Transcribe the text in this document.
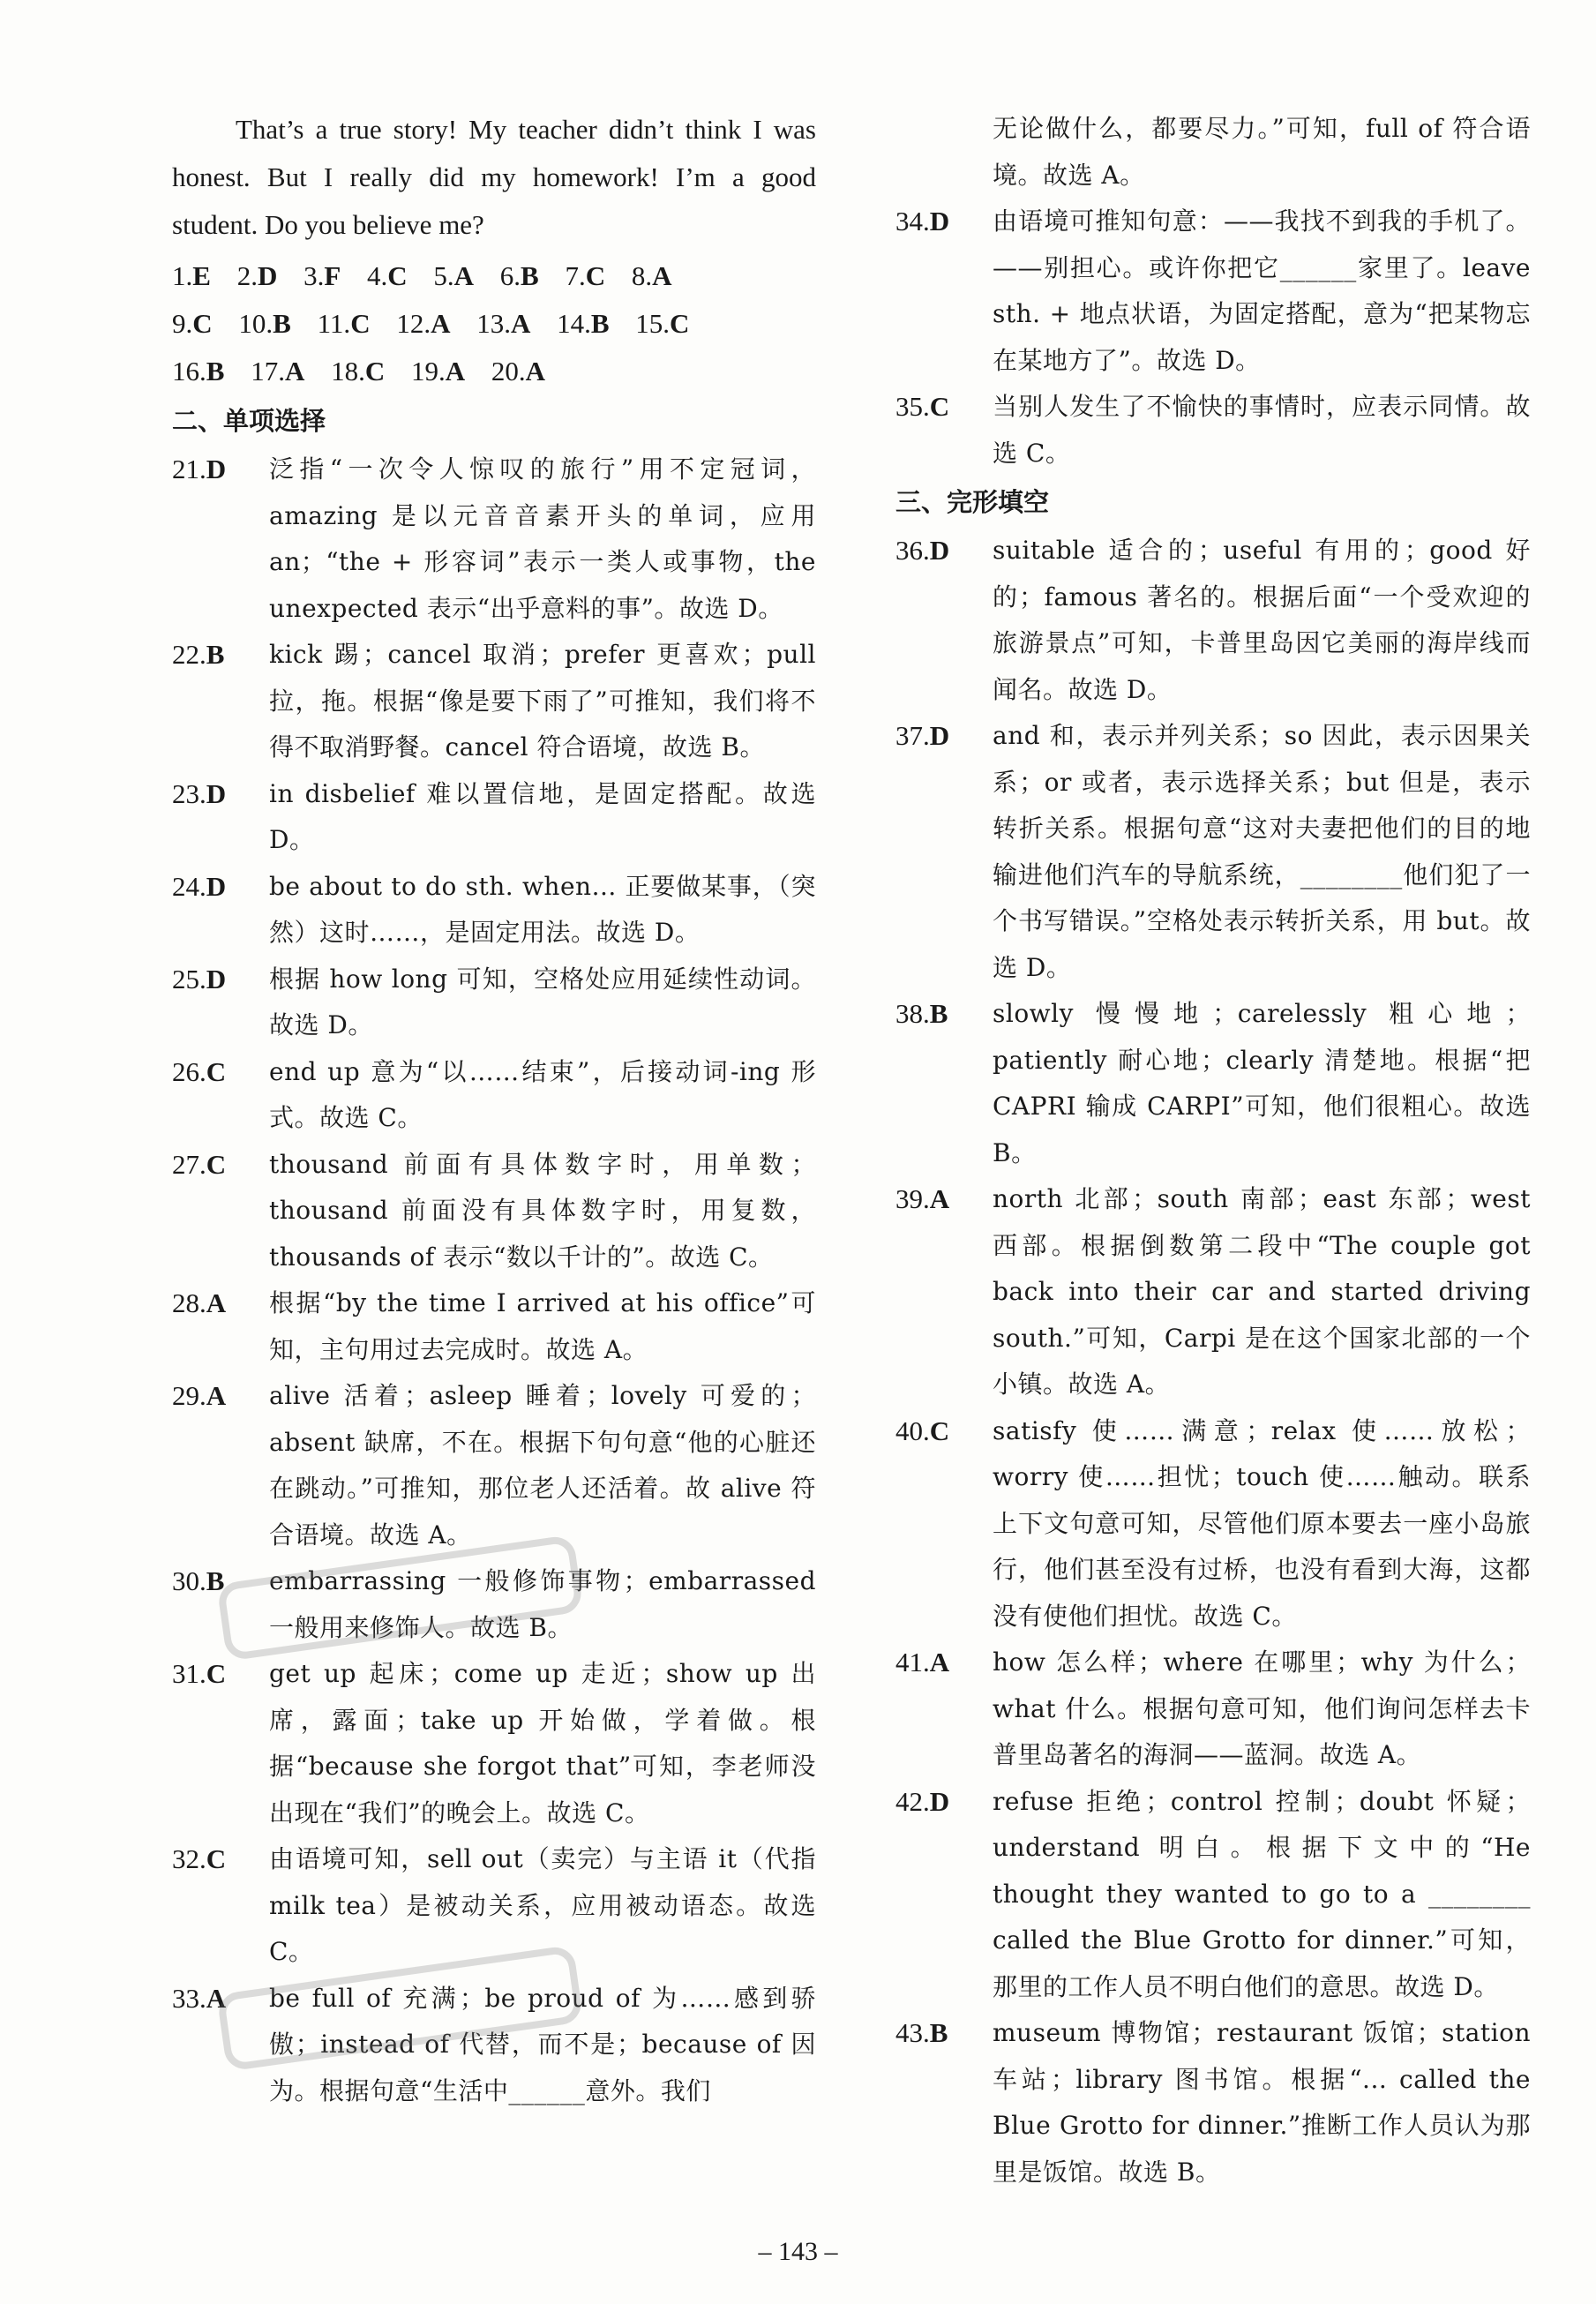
That’s a true story! My teacher didn’t think I was honest. But I really did my homework! I’m a good student. Do you believe me?

1.E 2.D 3.F 4.C 5.A 6.B 7.C 8.A
9.C 10.B 11.C 12.A 13.A 14.B 15.C
16.B 17.A 18.C 19.A 20.A
二、单项选择
21.D	泛指“一次令人惊叹的旅行”用不定冠词，amazing 是以元音音素开头的单词，应用 an；“the + 形容词”表示一类人或事物，the unexpected 表示“出乎意料的事”。故选 D。
22.B	kick 踢；cancel 取消；prefer 更喜欢；pull 拉，拖。根据“像是要下雨了”可推知，我们将不得不取消野餐。cancel 符合语境，故选 B。
23.D	in disbelief 难以置信地，是固定搭配。故选 D。
24.D	be about to do sth. when... 正要做某事，（突然）这时……，是固定用法。故选 D。
25.D	根据 how long 可知，空格处应用延续性动词。故选 D。
26.C	end up 意为“以……结束”，后接动词-ing 形式。故选 C。
27.C	thousand 前面有具体数字时，用单数；thousand 前面没有具体数字时，用复数，thousands of 表示“数以千计的”。故选 C。
28.A	根据“by the time I arrived at his office”可知，主句用过去完成时。故选 A。
29.A	alive 活着；asleep 睡着；lovely 可爱的；absent 缺席，不在。根据下句句意“他的心脏还在跳动。”可推知，那位老人还活着。故 alive 符合语境。故选 A。
30.B	embarrassing 一般修饰事物；embarrassed 一般用来修饰人。故选 B。
31.C	get up 起床；come up 走近；show up 出席，露面；take up 开始做，学着做。根据“because she forgot that”可知，李老师没出现在“我们”的晚会上。故选 C。
32.C	由语境可知，sell out（卖完）与主语 it（代指 milk tea）是被动关系，应用被动语态。故选 C。
33.A	be full of 充满；be proud of 为……感到骄傲；instead of 代替，而不是；because of 因为。根据句意“生活中______意外。我们
无论做什么，都要尽力。”可知，full of 符合语境。故选 A。
34.D	由语境可推知句意：——我找不到我的手机了。——别担心。或许你把它______家里了。leave sth. + 地点状语，为固定搭配，意为“把某物忘在某地方了”。故选 D。
35.C	当别人发生了不愉快的事情时，应表示同情。故选 C。
三、完形填空
36.D	suitable 适合的；useful 有用的；good 好的；famous 著名的。根据后面“一个受欢迎的旅游景点”可知，卡普里岛因它美丽的海岸线而闻名。故选 D。
37.D	and 和，表示并列关系；so 因此，表示因果关系；or 或者，表示选择关系；but 但是，表示转折关系。根据句意“这对夫妻把他们的目的地输进他们汽车的导航系统，________他们犯了一个书写错误。”空格处表示转折关系，用 but。故选 D。
38.B	slowly 慢慢地；carelessly 粗心地；patiently 耐心地；clearly 清楚地。根据“把 CAPRI 输成 CARPI”可知，他们很粗心。故选 B。
39.A	north 北部；south 南部；east 东部；west 西部。根据倒数第二段中“The couple got back into their car and started driving south.”可知，Carpi 是在这个国家北部的一个小镇。故选 A。
40.C	satisfy 使……满意；relax 使……放松；worry 使……担忧；touch 使……触动。联系上下文句意可知，尽管他们原本要去一座小岛旅行，他们甚至没有过桥，也没有看到大海，这都没有使他们担忧。故选 C。
41.A	how 怎么样；where 在哪里；why 为什么；what 什么。根据句意可知，他们询问怎样去卡普里岛著名的海洞——蓝洞。故选 A。
42.D	refuse 拒绝；control 控制；doubt 怀疑；understand 明白。根据下文中的“He thought they wanted to go to a ________ called the Blue Grotto for dinner.”可知，那里的工作人员不明白他们的意思。故选 D。
43.B	museum 博物馆；restaurant 饭馆；station 车站；library 图书馆。根据“... called the Blue Grotto for dinner.”推断工作人员认为那里是饭馆。故选 B。
– 143 –
